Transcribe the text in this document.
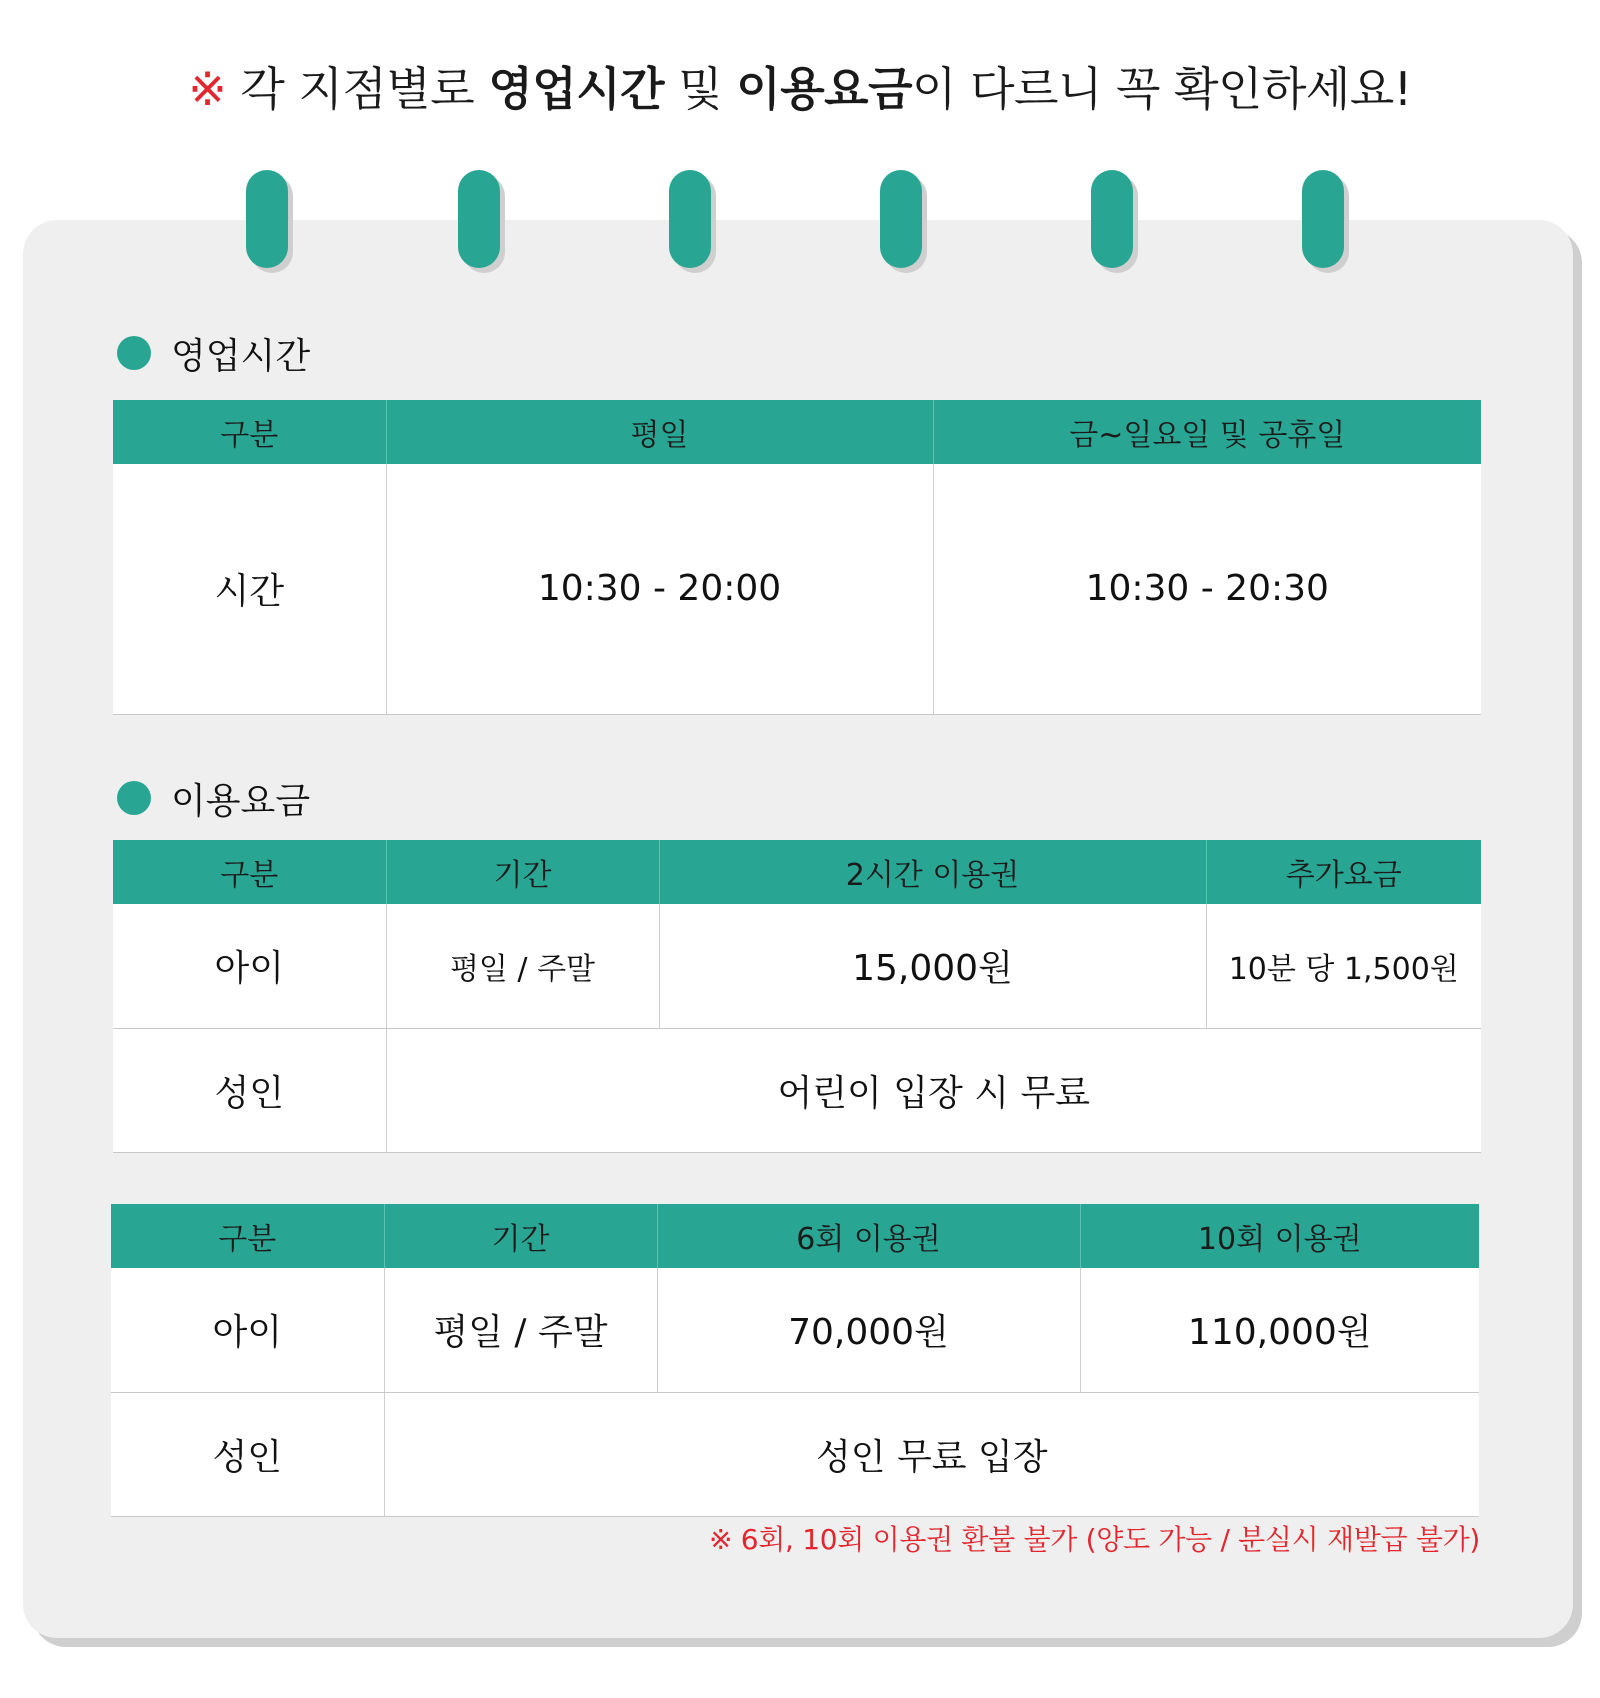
※ 각 지점별로 영업시간 및 이용요금이 다르니 꼭 확인하세요!
영업시간
구분	평일	금~일요일 및 공휴일
시간	10:30 - 20:00	10:30 - 20:30
이용요금
구분	기간	2시간 이용권	추가요금
아이	평일 / 주말	15,000원	10분 당 1,500원
성인	어린이 입장 시 무료		
구분	기간	6회 이용권	10회 이용권
아이	평일 / 주말	70,000원	110,000원
성인	성인 무료 입장		
※ 6회, 10회 이용권 환불 불가 (양도 가능 / 분실시 재발급 불가)
